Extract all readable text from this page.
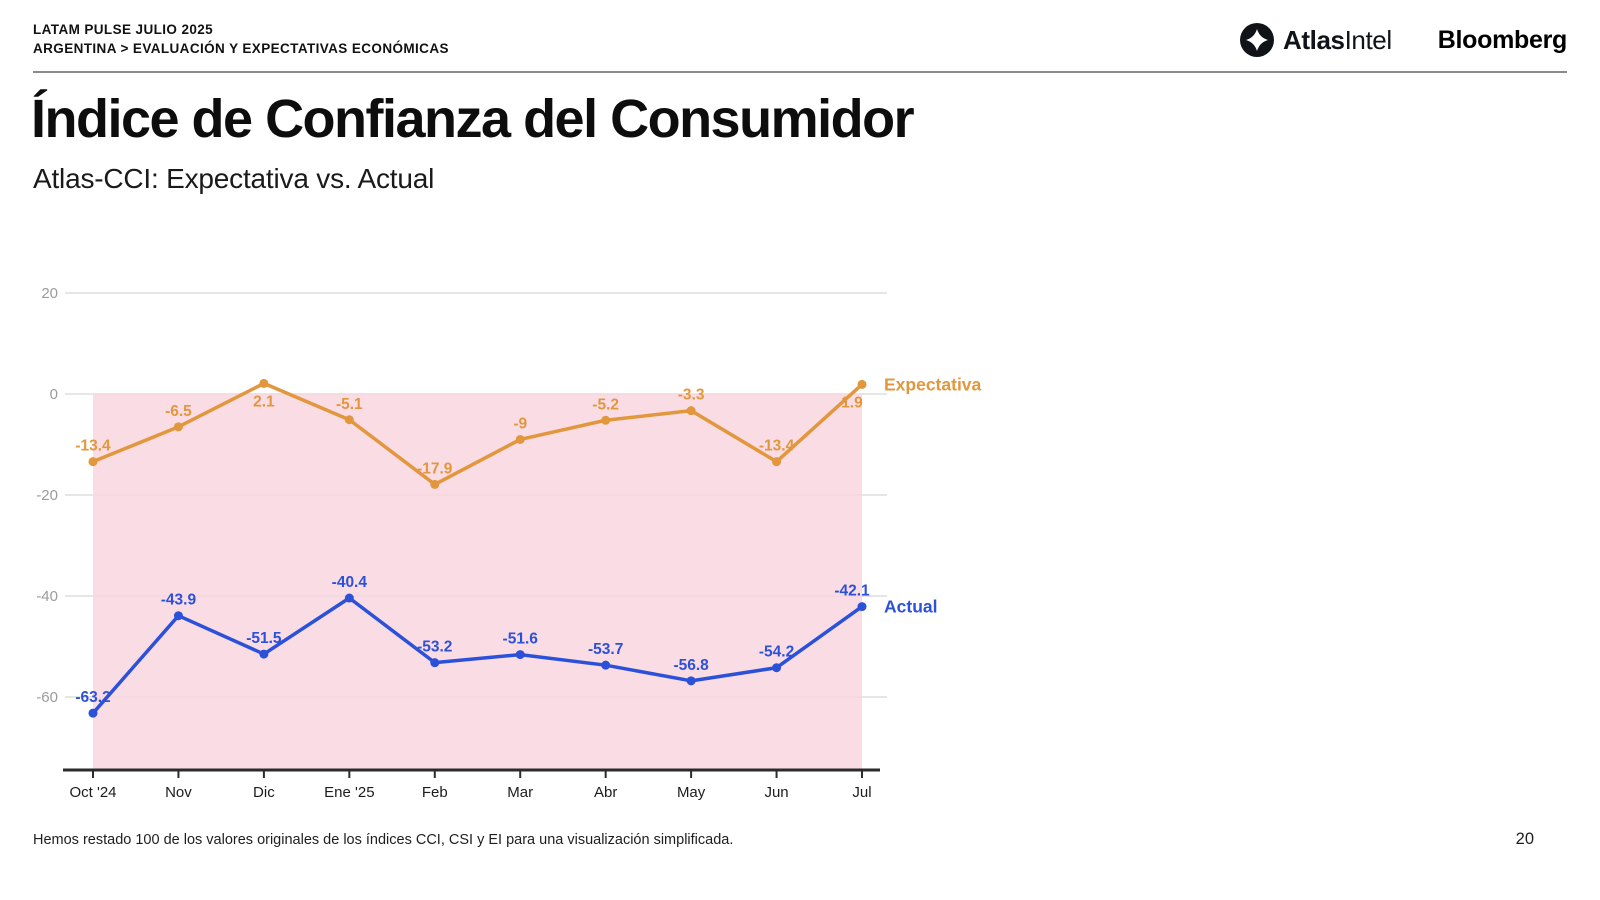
LATAM PULSE JULIO 2025
ARGENTINA > EVALUACIÓN Y EXPECTATIVAS ECONÓMICAS	AtlasIntel Bloomberg
Índice de Confianza del Consumidor
Atlas-CCI: Expectativa vs. Actual
20
0
-20
-40
-60
Oct '24	Nov	Dic	Ene '25	Feb	Mar	Abr	May	Jun	Jul
-13.4
-6.5
2.1	-5.1
-17.9
-9
-5.2
-3.3
-13.4
1.9
Expectativa
-63.2
-43.9
-51.5
-40.4
-53.2	-51.6
-53.7
-56.8
-54.2
-42.1
Actual
Hemos restado 100 de los valores originales de los índices CCI, CSI y EI para una visualización simplificada.	20
